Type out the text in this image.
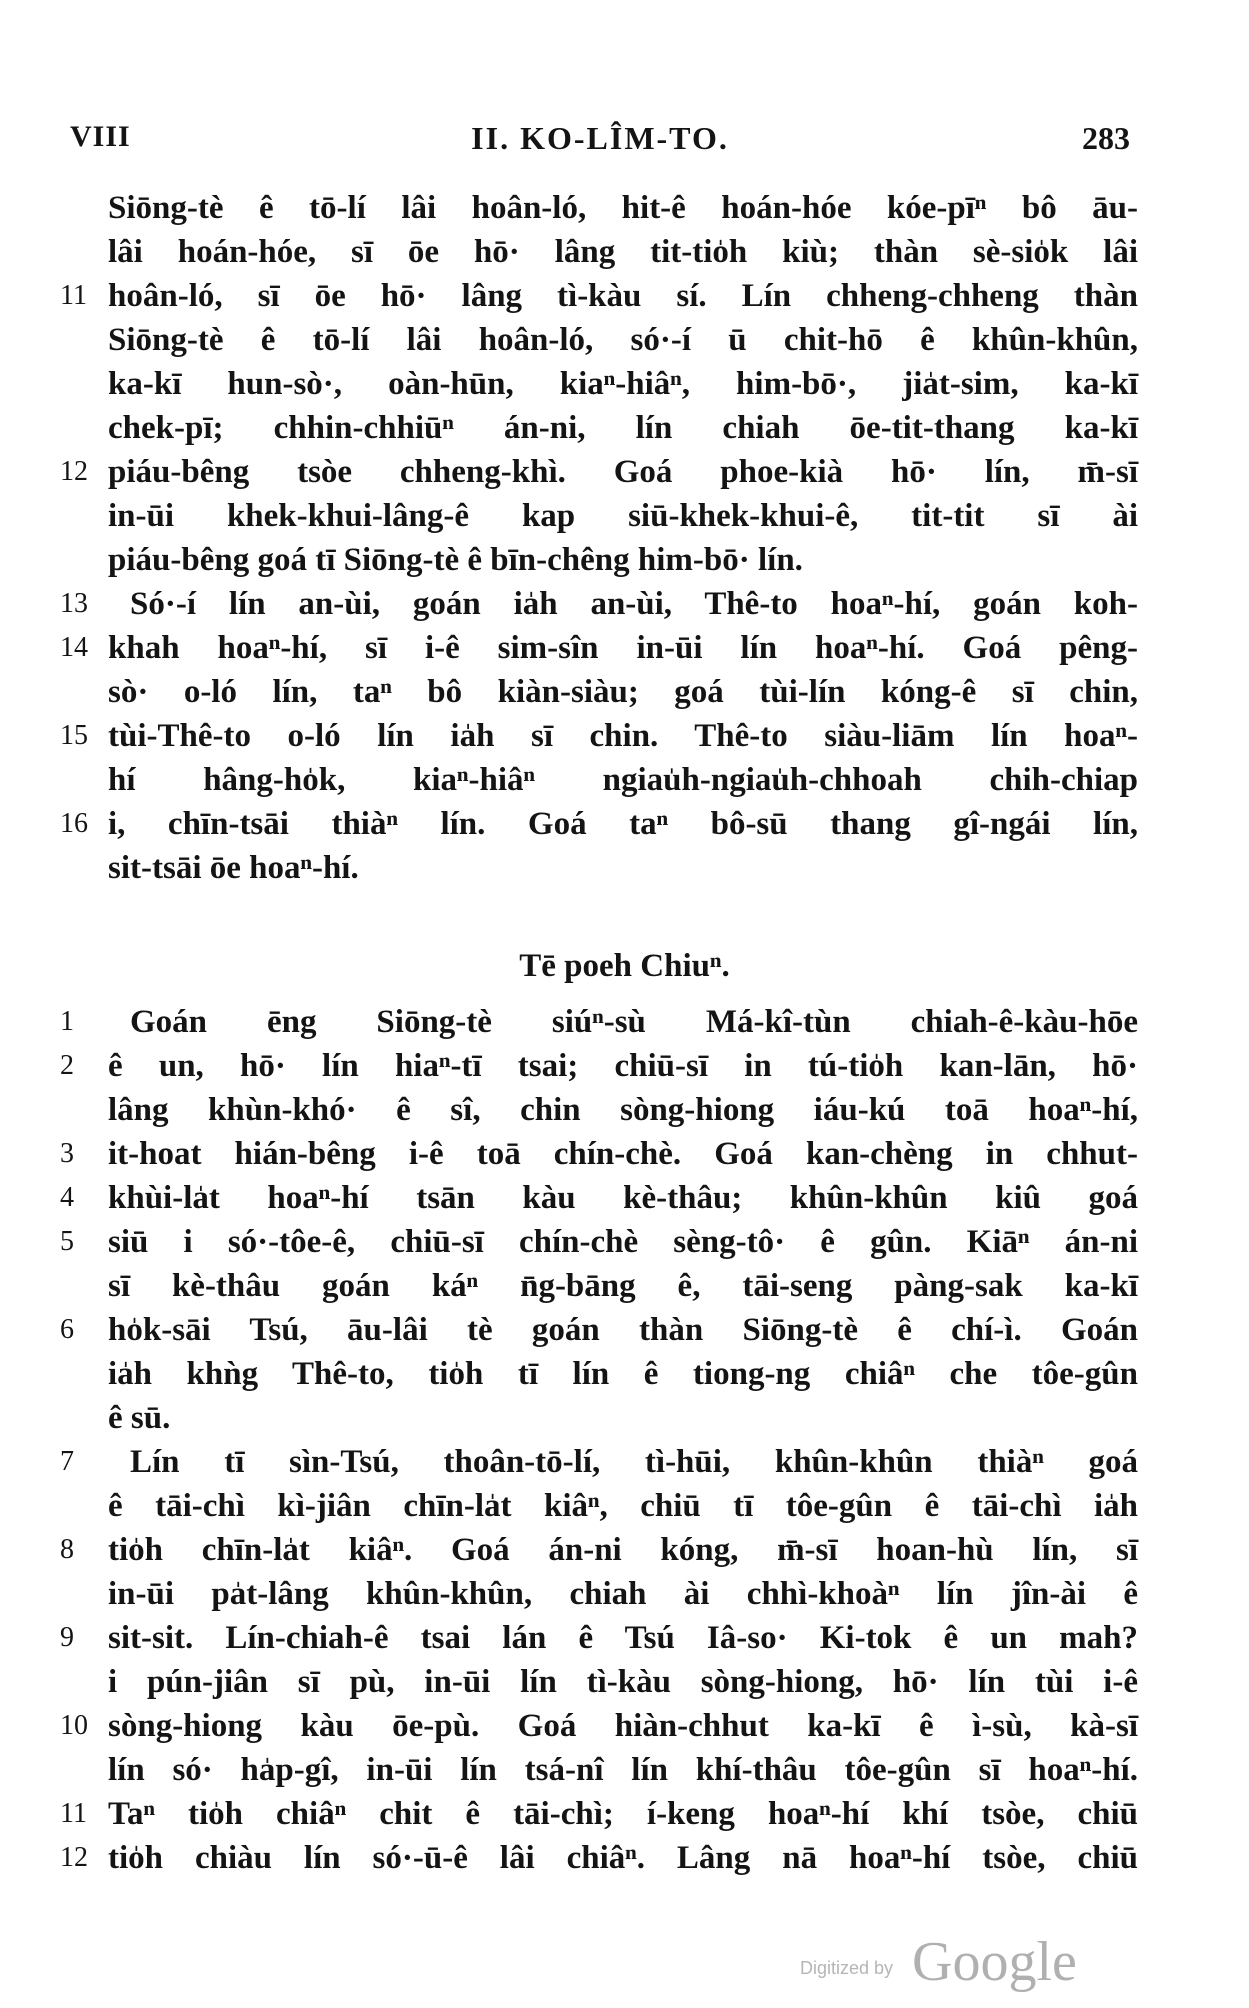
VIII	II. KO-LÎM-TO.	283
Siōng-tè ê tō-lí lâi hoân-ló, hit-ê hoán-hóe kóe-pīⁿ bô āu-
lâi hoán-hóe, sī ōe hō· lâng tit-tio̍h kiù; thàn sè-sio̍k lâi
11 hoân-ló, sī ōe hō· lâng tì-kàu sí. Lín chheng-chheng thàn
Siōng-tè ê tō-lí lâi hoân-ló, só·-í ū chit-hō ê khûn-khûn,
ka-kī hun-sò·, oàn-hūn, kiaⁿ-hiâⁿ, him-bō·, jia̍t-sim, ka-kī
chek-pī; chhin-chhiūⁿ án-ni, lín chiah ōe-tit-thang ka-kī
12 piáu-bêng tsòe chheng-khì. Goá phoe-kià hō· lín, m̄-sī
in-ūi khek-khui-lâng-ê kap siū-khek-khui-ê, tit-tit sī ài
piáu-bêng goá tī Siōng-tè ê bīn-chêng him-bō· lín.
13	Só·-í lín an-ùi, goán ia̍h an-ùi, Thê-to hoaⁿ-hí, goán koh-
14 khah hoaⁿ-hí, sī i-ê sim-sîn in-ūi lín hoaⁿ-hí. Goá pêng-
sò· o-ló lín, taⁿ bô kiàn-siàu; goá tùi-lín kóng-ê sī chin,
15 tùi-Thê-to o-ló lín ia̍h sī chin. Thê-to siàu-liām lín hoaⁿ-
hí hâng-ho̍k, kiaⁿ-hiâⁿ ngiau̍h-ngiau̍h-chhoah chih-chiap
16 i, chīn-tsāi thiàⁿ lín. Goá taⁿ bô-sū thang gî-ngái lín,
sit-tsāi ōe hoaⁿ-hí.
Tē poeh Chiuⁿ.
1	Goán ēng Siōng-tè siúⁿ-sù Má-kî-tùn chiah-ê-kàu-hōe
2	ê un, hō· lín hiaⁿ-tī tsai; chiū-sī in tú-tio̍h kan-lān, hō·
lâng khùn-khó· ê sî, chin sòng-hiong iáu-kú toā hoaⁿ-hí,
3	it-hoat hián-bêng i-ê toā chín-chè. Goá kan-chèng in chhut-
4	khùi-la̍t hoaⁿ-hí tsān kàu kè-thâu; khûn-khûn kiû goá
5	siū i só·-tôe-ê, chiū-sī chín-chè sèng-tô· ê gûn. Kiāⁿ án-ni
sī kè-thâu goán káⁿ n̄g-bāng ê, tāi-seng pàng-sak ka-kī
6	ho̍k-sāi Tsú, āu-lâi tè goán thàn Siōng-tè ê chí-ì. Goán
ia̍h khǹg Thê-to, tio̍h tī lín ê tiong-ng chiâⁿ che tôe-gûn
ê sū.
7	Lín tī sìn-Tsú, thoân-tō-lí, tì-hūi, khûn-khûn thiàⁿ goá
ê tāi-chì kì-jiân chīn-la̍t kiâⁿ, chiū tī tôe-gûn ê tāi-chì ia̍h
8	tio̍h chīn-la̍t kiâⁿ. Goá án-ni kóng, m̄-sī hoan-hù lín, sī
in-ūi pa̍t-lâng khûn-khûn, chiah ài chhì-khoàⁿ lín jîn-ài ê
9	sit-sit. Lín-chiah-ê tsai lán ê Tsú Iâ-so· Ki-tok ê un mah?
i pún-jiân sī pù, in-ūi lín tì-kàu sòng-hiong, hō· lín tùi i-ê
10 sòng-hiong kàu ōe-pù. Goá hiàn-chhut ka-kī ê ì-sù, kà-sī
lín só· ha̍p-gî, in-ūi lín tsá-nî lín khí-thâu tôe-gûn sī hoaⁿ-hí.
11 Taⁿ tio̍h chiâⁿ chit ê tāi-chì; í-keng hoaⁿ-hí khí tsòe, chiū
12 tio̍h chiàu lín só·-ū-ê lâi chiâⁿ. Lâng nā hoaⁿ-hí tsòe, chiū
Digitized by Google
